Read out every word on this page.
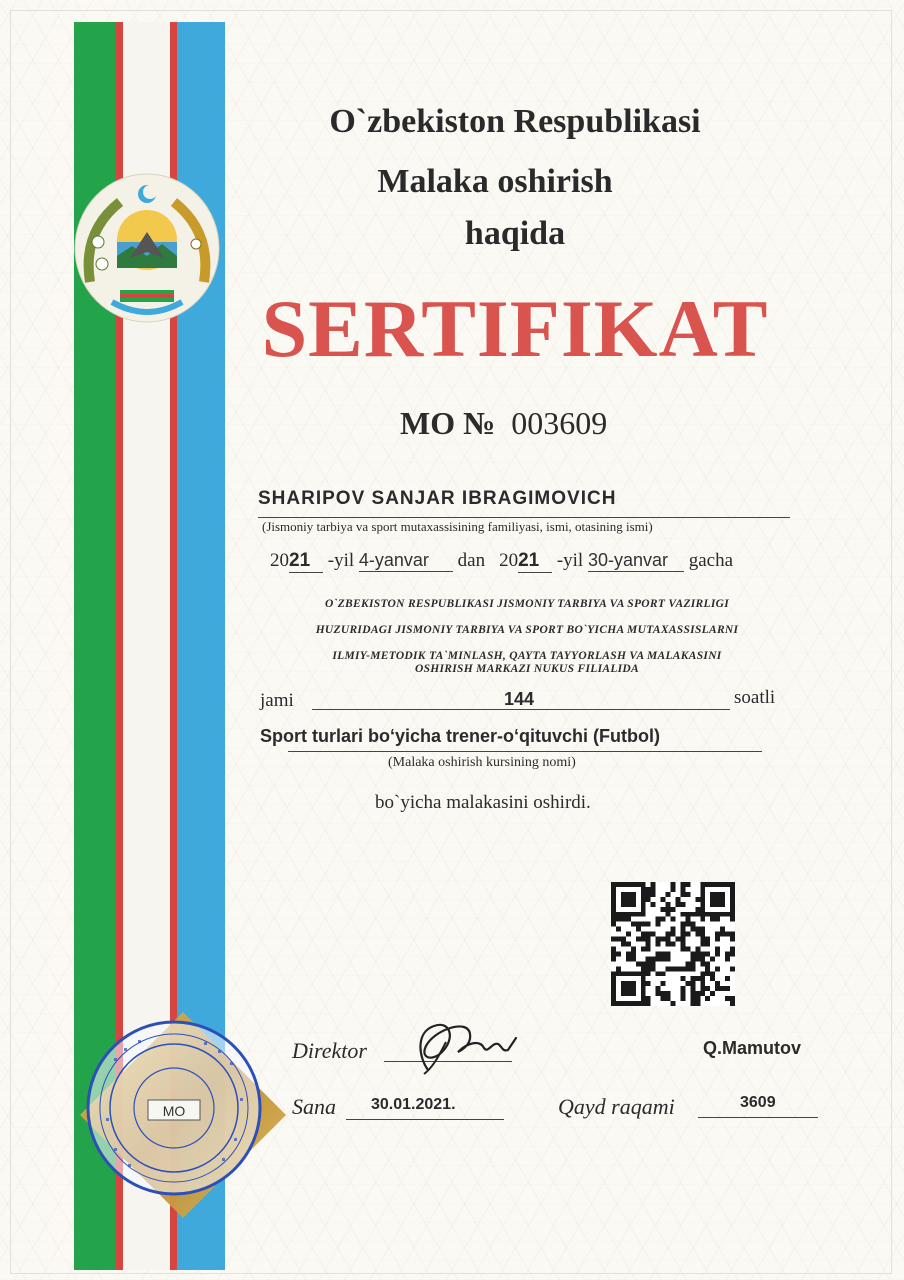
O`zbekiston Respublikasi
Malaka oshirish
haqida
SERTIFIKAT
MO № 003609
SHARIPOV SANJAR IBRAGIMOVICH
(Jismoniy tarbiya va sport mutaxassisining familiyasi, ismi, otasining ismi)
2021 -yil 4-yanvar dan 2021 -yil 30-yanvar gacha
O`ZBEKISTON RESPUBLIKASI JISMONIY TARBIYA VA SPORT VAZIRLIGI
HUZURIDAGI JISMONIY TARBIYA VA SPORT BO`YICHA MUTAXASSISLARNI
ILMIY-METODIK TA`MINLASH, QAYTA TAYYORLASH VA MALAKASINI
OSHIRISH MARKAZI NUKUS FILIALIDA
jami	144	soatli
Sport turlari bo‘yicha trener-o‘qituvchi (Futbol)
(Malaka oshirish kursining nomi)
bo`yicha malakasini oshirdi.
Direktor	Q.Mamutov
Sana 30.01.2021.	Qayd raqami	3609
MO
